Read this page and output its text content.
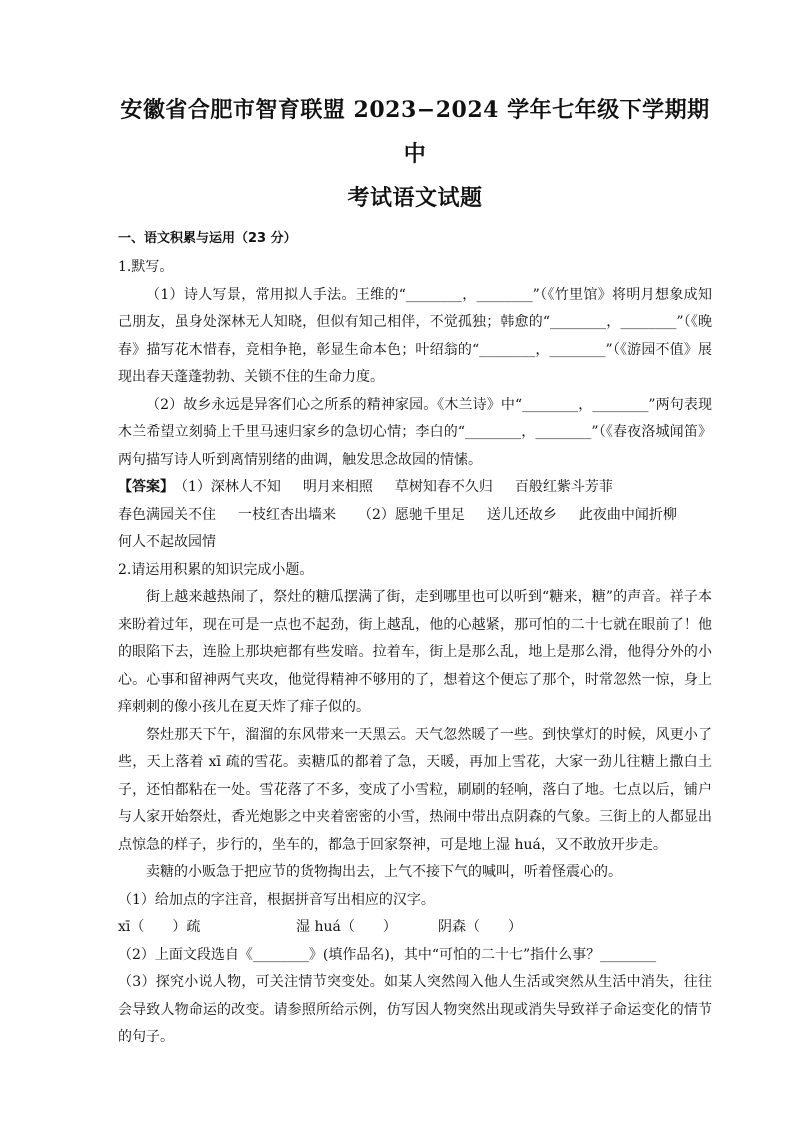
安徽省合肥市智育联盟 2023−2024 学年七年级下学期期中
考试语文试题
一、语文积累与运用（23 分）

1.默写。

（1）诗人写景，常用拟人手法。王维的“________，________”（《竹里馆》将明月想象成知己朋友，虽身处深林无人知晓，但似有知己相伴，不觉孤独；韩愈的“________，________”（《晚春》描写花木惜春，竞相争艳，彰显生命本色；叶绍翁的“________，________”（《游园不值》展现出春天蓬蓬勃勃、关锁不住的生命力度。

（2）故乡永远是异客们心之所系的精神家园。《木兰诗》中“________，________”两句表现木兰希望立刻骑上千里马速归家乡的急切心情；李白的“________，________”（《春夜洛城闻笛》两句描写诗人听到离情别绪的曲调，触发思念故园的情愫。

【答案】（1）深林人不知 明月来相照 草树知春不久归 百般红紫斗芳菲春色满园关不住 一枝红杏出墙来 （2）愿驰千里足 送儿还故乡 此夜曲中闻折柳何人不起故园情

2.请运用积累的知识完成小题。

街上越来越热闹了，祭灶的糖瓜摆满了街，走到哪里也可以听到“糖来，糖”的声音。祥子本来盼着过年，现在可是一点也不起劲，街上越乱，他的心越紧，那可怕的二十七就在眼前了！他的眼陷下去，连脸上那块疤都有些发暗。拉着车，街上是那么乱，地上是那么滑，他得分外的小心。心事和留神两气夹攻，他觉得精神不够用的了，想着这个便忘了那个，时常忽然一惊，身上痒刺刺的像小孩儿在夏天炸了痱子似的。

祭灶那天下午，溜溜的东风带来一天黑云。天气忽然暖了一些。到快掌灯的时候，风更小了些，天上落着 xī 疏的雪花。卖糖瓜的都着了急，天暖，再加上雪花，大家一劲儿往糖上撒白土子，还怕都粘在一处。雪花落了不多，变成了小雪粒，刷刷的轻响，落白了地。七点以后，铺户与人家开始祭灶，香光炮影之中夹着密密的小雪，热闹中带出点阴森的气象。三街上的人都显出点惊急的样子，步行的，坐车的，都急于回家祭神，可是地上湿 huá，又不敢放开步走。

卖糖的小贩急于把应节的货物掏出去，上气不接下气的喊叫，听着怪震心的。

（1）给加点的字注音，根据拼音写出相应的汉字。

xī（　　）疏	湿 huá（　　）	阴森（　　）

（2）上面文段选自《________》(填作品名)，其中“可怕的二十七”指什么事？________

（3）探究小说人物，可关注情节突变处。如某人突然闯入他人生活或突然从生活中消失，往往会导致人物命运的改变。请参照所给示例，仿写因人物突然出现或消失导致祥子命运变化的情节的句子。
